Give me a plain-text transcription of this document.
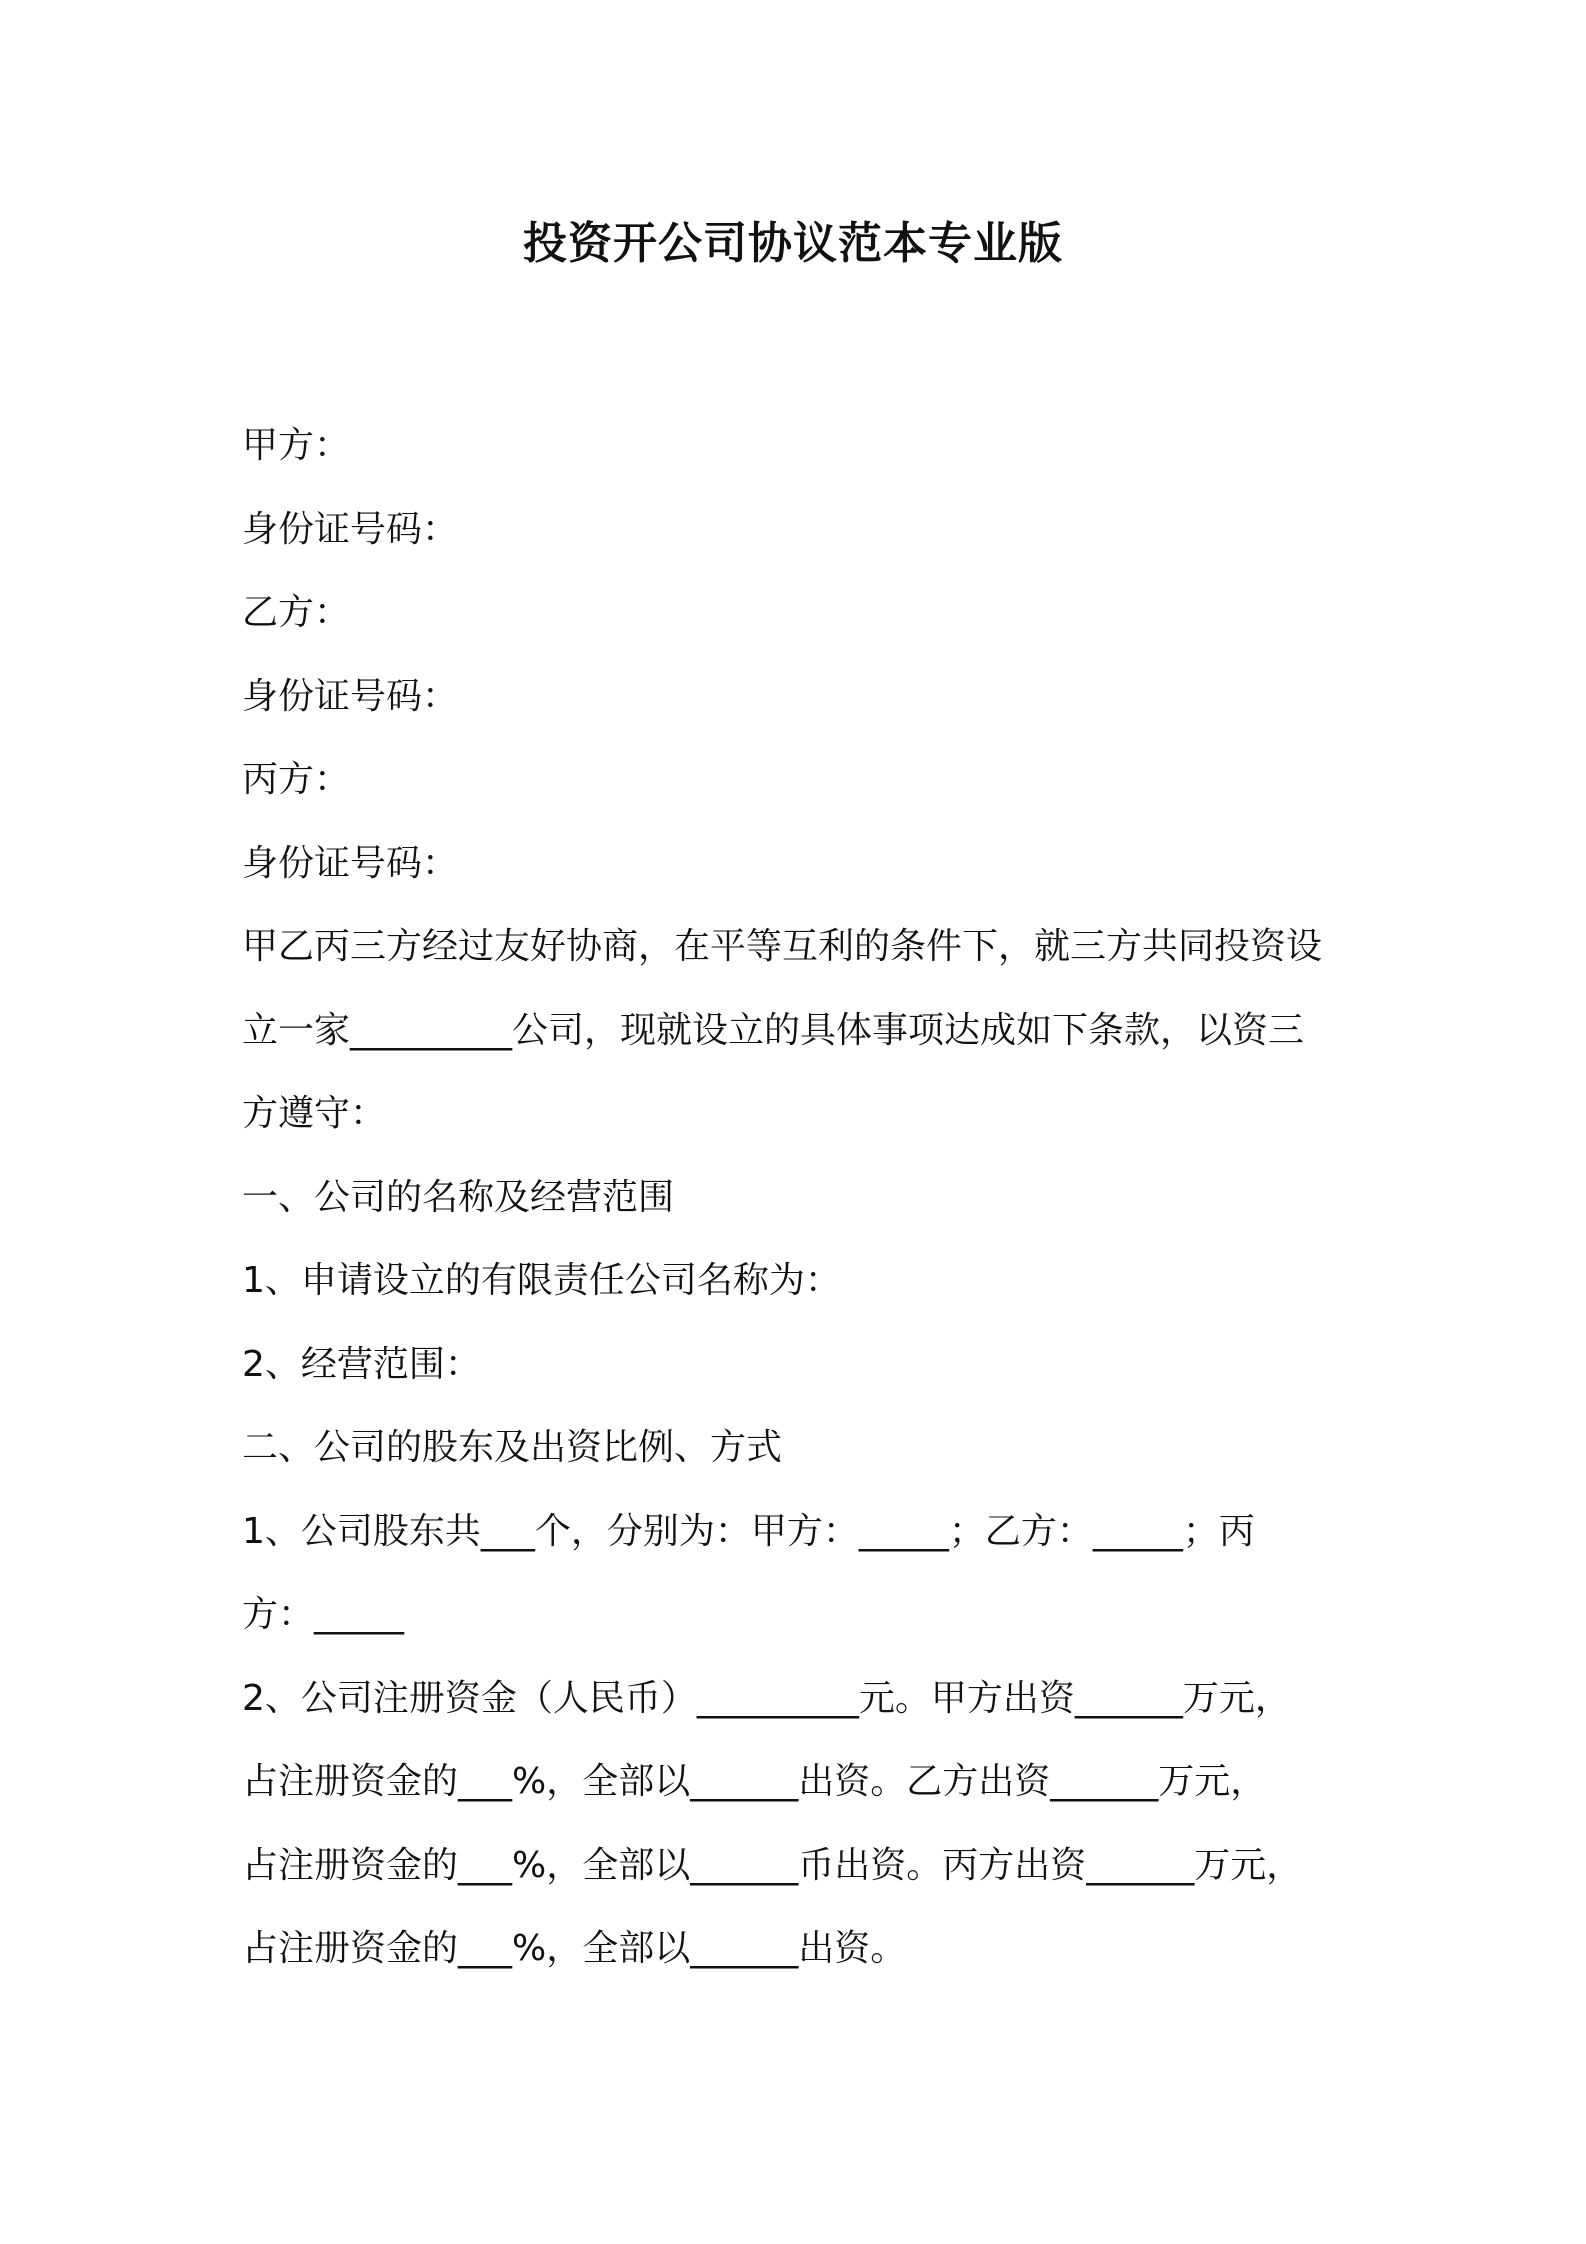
投资开公司协议范本专业版
甲方：
身份证号码：
乙方：
身份证号码：
丙方：
身份证号码：
甲乙丙三方经过友好协商，在平等互利的条件下，就三方共同投资设
立一家_________公司，现就设立的具体事项达成如下条款，以资三
方遵守：
一、公司的名称及经营范围
1、申请设立的有限责任公司名称为：
2、经营范围：
二、公司的股东及出资比例、方式
1、公司股东共___个，分别为：甲方：_____；乙方：_____；丙
方：_____
2、公司注册资金（人民币）_________元。甲方出资______万元，
占注册资金的___%，全部以______出资。乙方出资______万元，
占注册资金的___%，全部以______币出资。丙方出资______万元，
占注册资金的___%，全部以______出资。
